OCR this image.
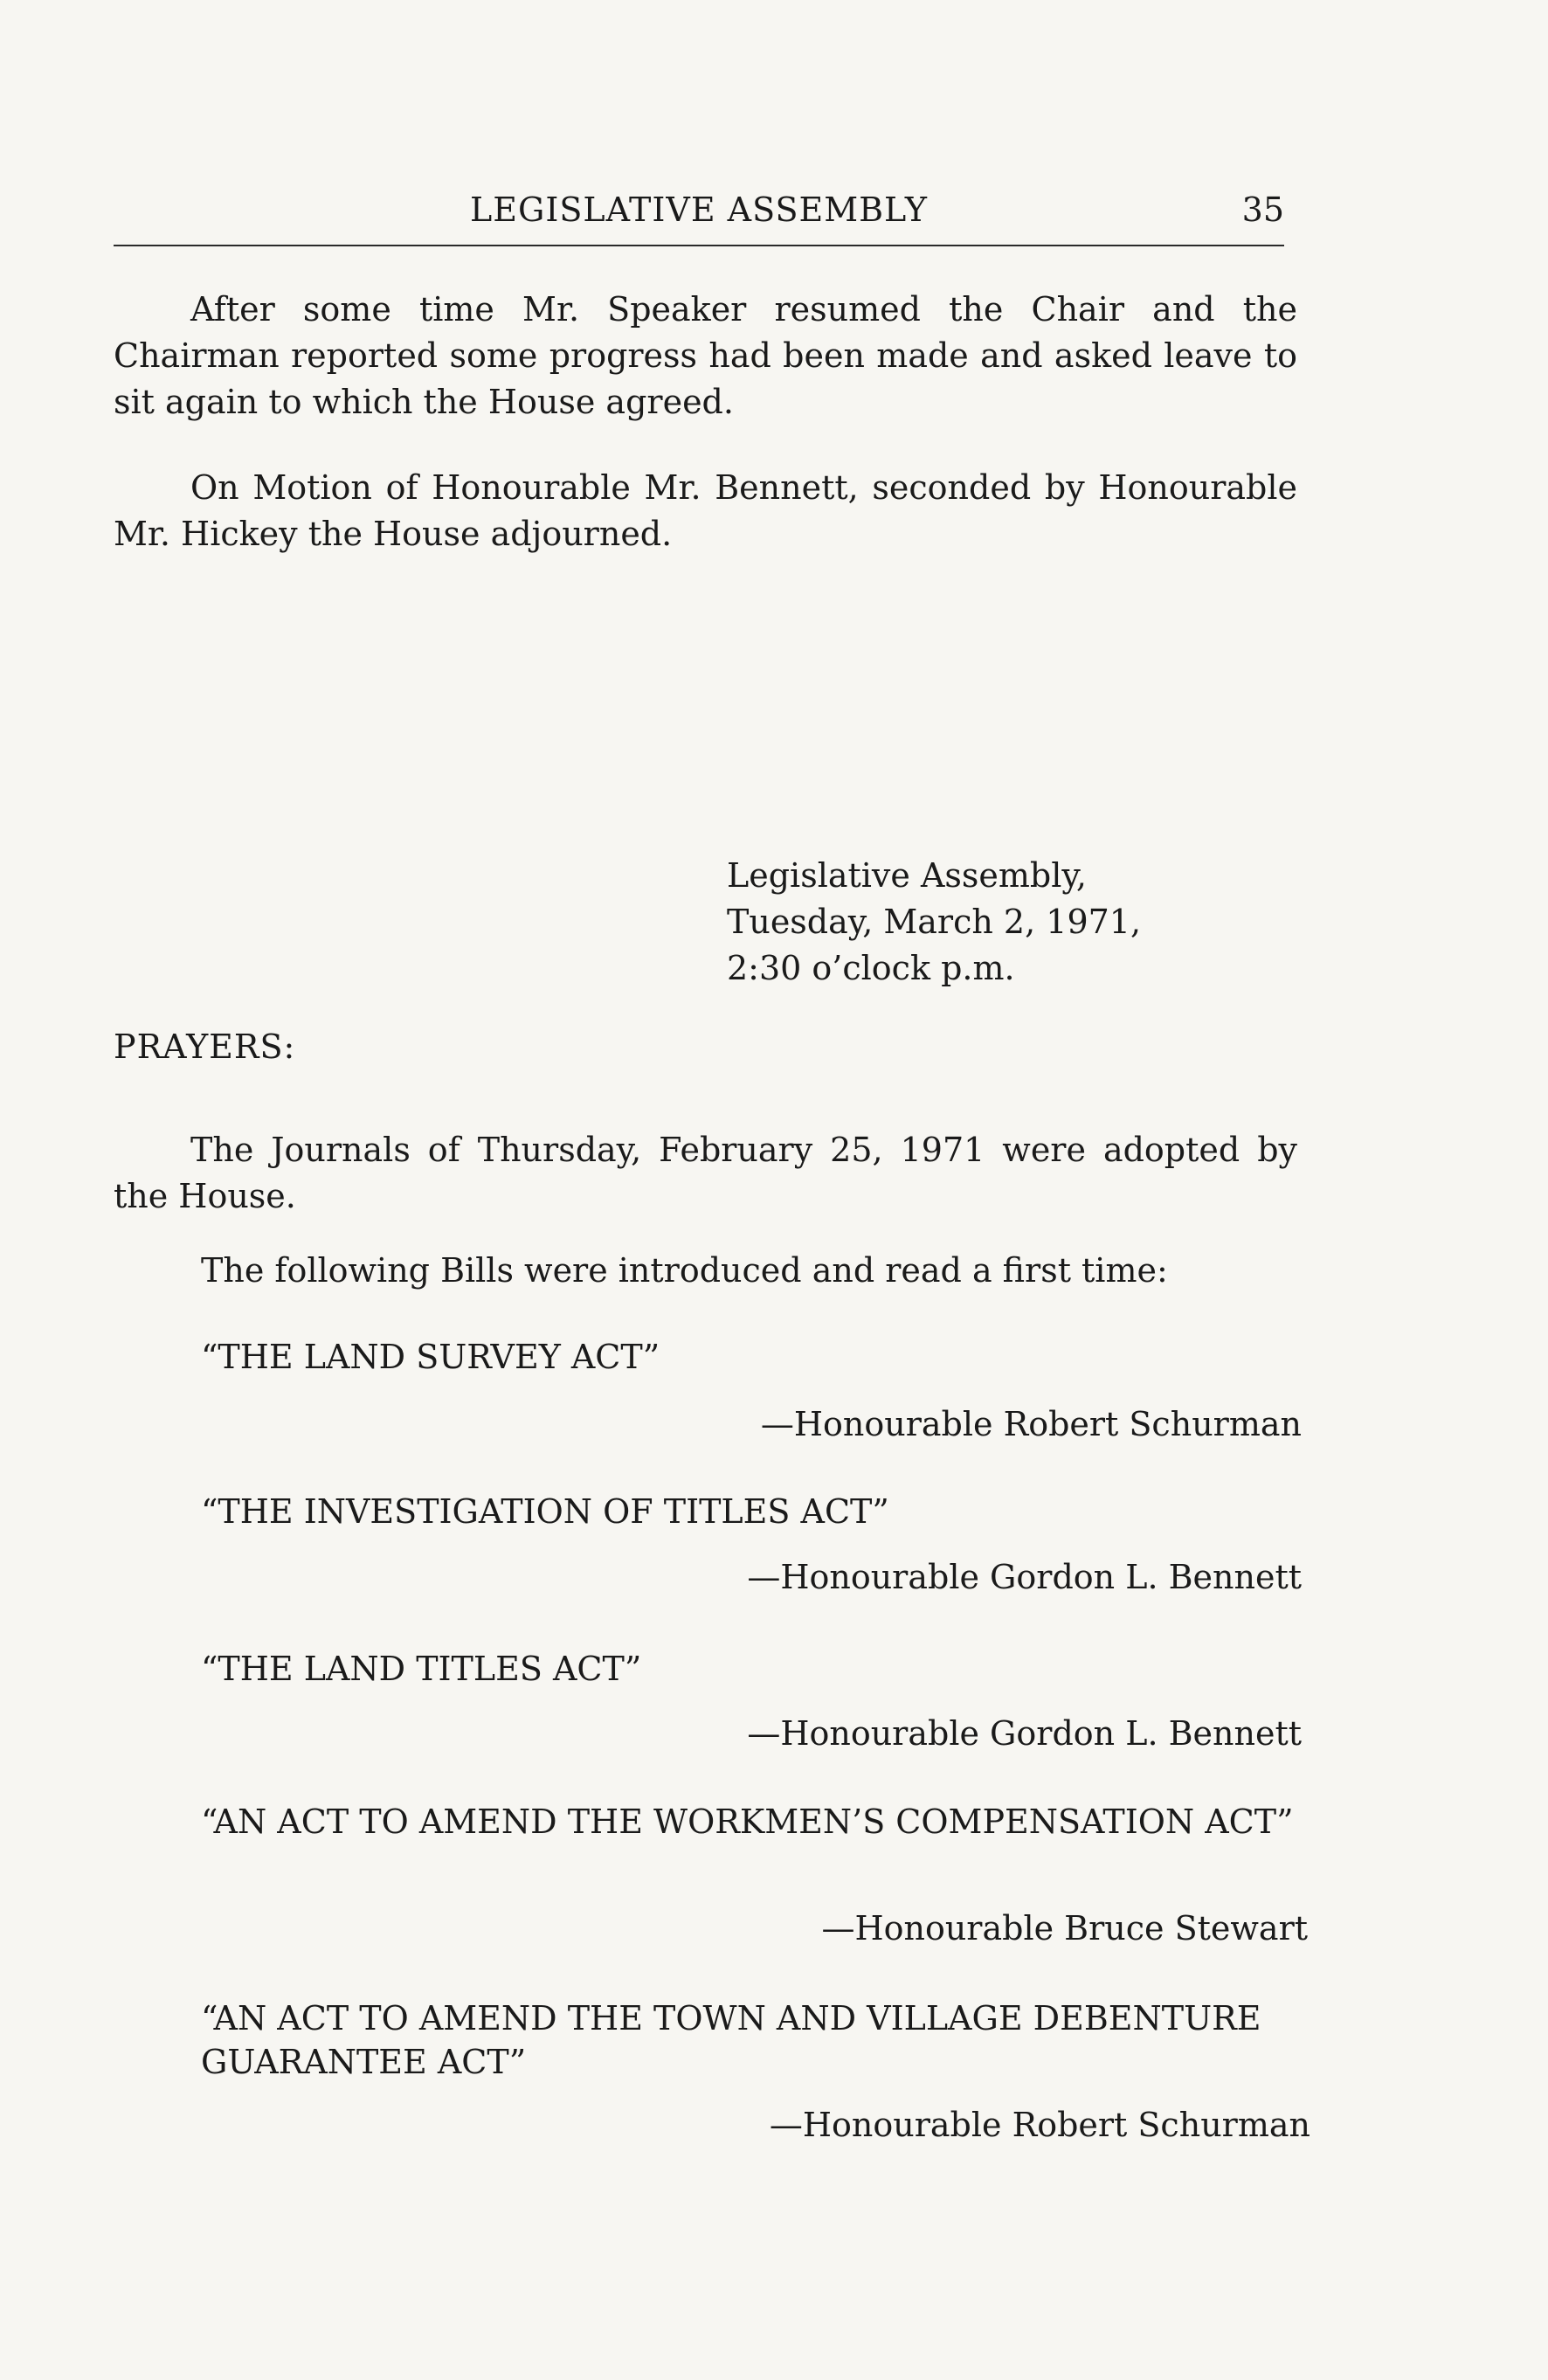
LEGISLATIVE ASSEMBLY	35

After some time Mr. Speaker resumed the Chair and the Chairman reported some progress had been made and asked leave to sit again to which the House agreed.

On Motion of Honourable Mr. Bennett, seconded by Honourable Mr. Hickey the House adjourned.

Legislative Assembly,
Tuesday, March 2, 1971,
2:30 o’clock p.m.
PRAYERS:

The Journals of Thursday, February 25, 1971 were adopted by the House.

The following Bills were introduced and read a first time:

“THE LAND SURVEY ACT”

—Honourable Robert Schurman

“THE INVESTIGATION OF TITLES ACT”

—Honourable Gordon L. Bennett

“THE LAND TITLES ACT”

—Honourable Gordon L. Bennett

“AN ACT TO AMEND THE WORKMEN’S COMPENSATION ACT”

—Honourable Bruce Stewart

“AN ACT TO AMEND THE TOWN AND VILLAGE DEBENTURE GUARANTEE ACT”

—Honourable Robert Schurman
